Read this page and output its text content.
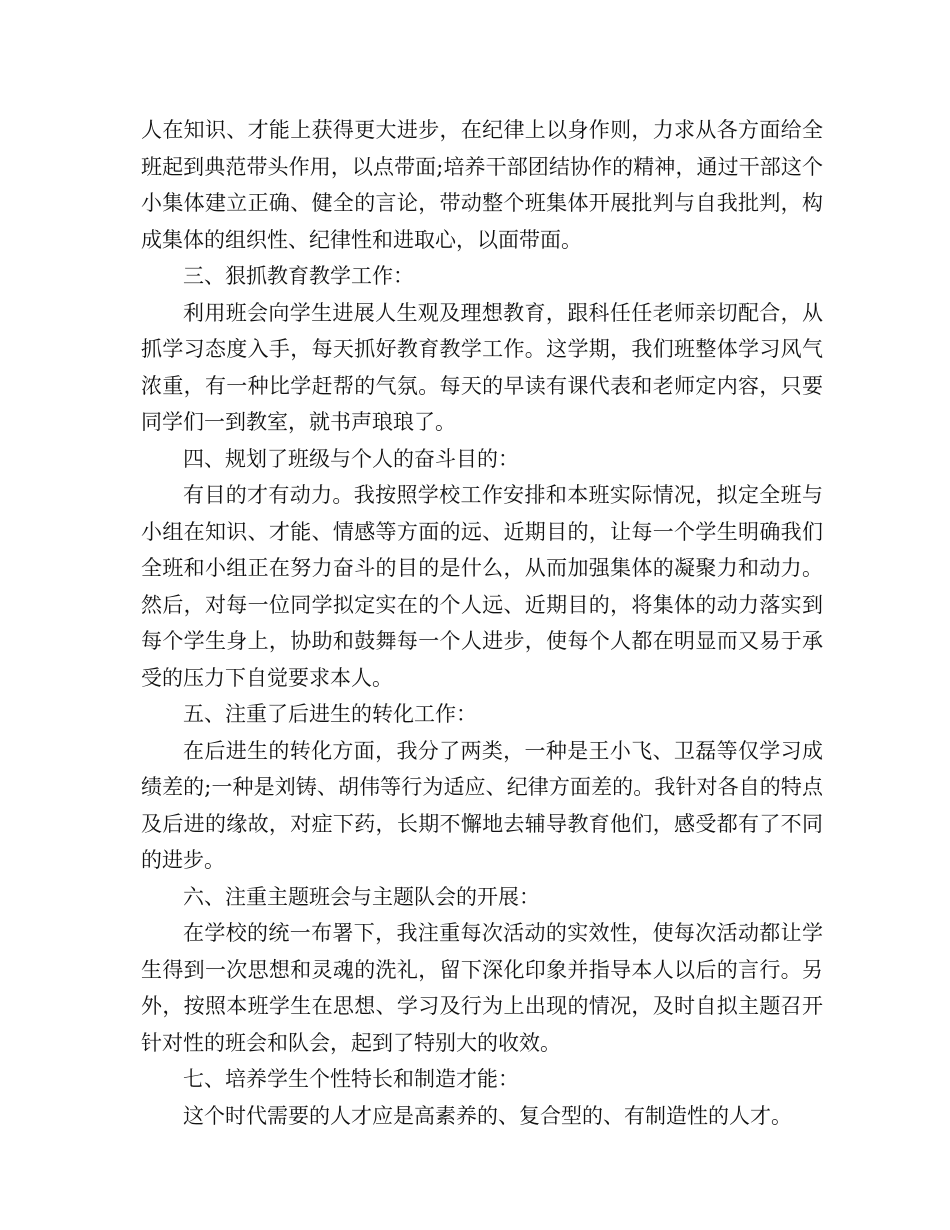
人在知识、才能上获得更大进步，在纪律上以身作则，力求从各方面给全班起到典范带头作用，以点带面;培养干部团结协作的精神，通过干部这个小集体建立正确、健全的言论，带动整个班集体开展批判与自我批判，构成集体的组织性、纪律性和进取心，以面带面。

三、狠抓教育教学工作：

利用班会向学生进展人生观及理想教育，跟科任任老师亲切配合，从抓学习态度入手，每天抓好教育教学工作。这学期，我们班整体学习风气浓重，有一种比学赶帮的气氛。每天的早读有课代表和老师定内容，只要同学们一到教室，就书声琅琅了。

四、规划了班级与个人的奋斗目的：

有目的才有动力。我按照学校工作安排和本班实际情况，拟定全班与小组在知识、才能、情感等方面的远、近期目的，让每一个学生明确我们全班和小组正在努力奋斗的目的是什么，从而加强集体的凝聚力和动力。然后，对每一位同学拟定实在的个人远、近期目的，将集体的动力落实到每个学生身上，协助和鼓舞每一个人进步，使每个人都在明显而又易于承受的压力下自觉要求本人。

五、注重了后进生的转化工作：

在后进生的转化方面，我分了两类，一种是王小飞、卫磊等仅学习成绩差的;一种是刘铸、胡伟等行为适应、纪律方面差的。我针对各自的特点及后进的缘故，对症下药，长期不懈地去辅导教育他们，感受都有了不同的进步。

六、注重主题班会与主题队会的开展：

在学校的统一布署下，我注重每次活动的实效性，使每次活动都让学生得到一次思想和灵魂的洗礼，留下深化印象并指导本人以后的言行。另外，按照本班学生在思想、学习及行为上出现的情况，及时自拟主题召开针对性的班会和队会，起到了特别大的收效。

七、培养学生个性特长和制造才能：

这个时代需要的人才应是高素养的、复合型的、有制造性的人才。
